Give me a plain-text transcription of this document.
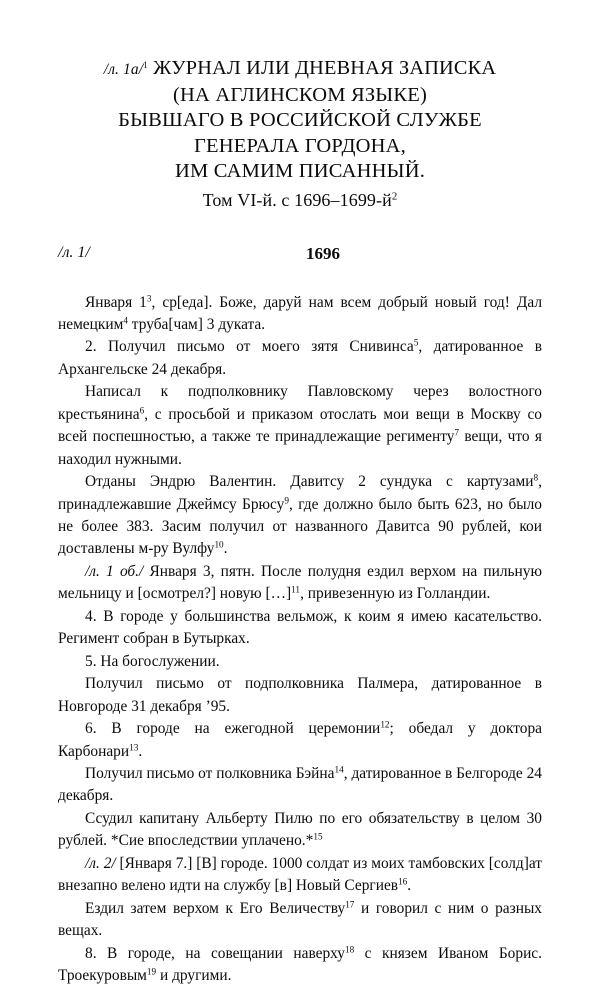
/л. 1а/$^1$ ЖУРНАЛ ИЛИ ДНЕВНАЯ ЗАПИСКА
(НА АГЛИНСКОМ ЯЗЫКЕ)
БЫВШАГО В РОССИЙСКОЙ СЛУЖБЕ
ГЕНЕРАЛА ГОРДОНА,
ИМ САМИМ ПИСАННЫЙ.
Том VI-й. с $1696-1699-й^2$
/л. 1/	1696

Января $1^3$, ср[еда]. Боже, даруй нам всем добрый новый год! Дал немецким$^4$ труба[чам] 3 дуката.

2. Получил письмо от моего зятя Снивинса$^5$, датированное в Архангельске 24 декабря.

Написал к подполковнику Павловскому через волостного крестьянина$^6$, с просьбой и приказом отослать мои вещи в Москву со всей поспешностью, а также те принадлежащие регименту$^7$ вещи, что я находил нужными.

Отданы Эндрю Валентин. Давитсу 2 сундука с картузами$^8$, принадлежавшие Джеймсу Брюсу$^9$, где должно было быть 623, но было не более 383. Засим получил от названного Давитса 90 рублей, кои доставлены м-ру Вулфу$^{10}$.

/л. 1 об./ Января 3, пятн. После полудня ездил верхом на пильную мельницу и [осмотрел?] новую […]$^{11}$, привезенную из Голландии.

4. В городе у большинства вельмож, к коим я имею касательство. Регимент собран в Бутырках.

5. На богослужении.

Получил письмо от подполковника Палмера, датированное в Новгороде 31 декабря ’95.

6. В городе на ежегодной церемонии$^{12}$; обедал у доктора Карбонари$^{13}$.

Получил письмо от полковника Бэйна$^{14}$, датированное в Белгороде 24 декабря.

Ссудил капитану Альберту Пилю по его обязательству в целом 30 рублей. *Сие впоследствии уплачено.*$^{15}$

/л. 2/ [Января 7.] [В] городе. 1000 солдат из моих тамбовских [солд]ат внезапно велено идти на службу [в] Новый Сергиев$^{16}$.

Ездил затем верхом к Его Величеству$^{17}$ и говорил с ним о разных вещах.

8. В городе, на совещании наверху$^{18}$ с князем Иваном Борис. Троекуровым$^{19}$ и другими.
